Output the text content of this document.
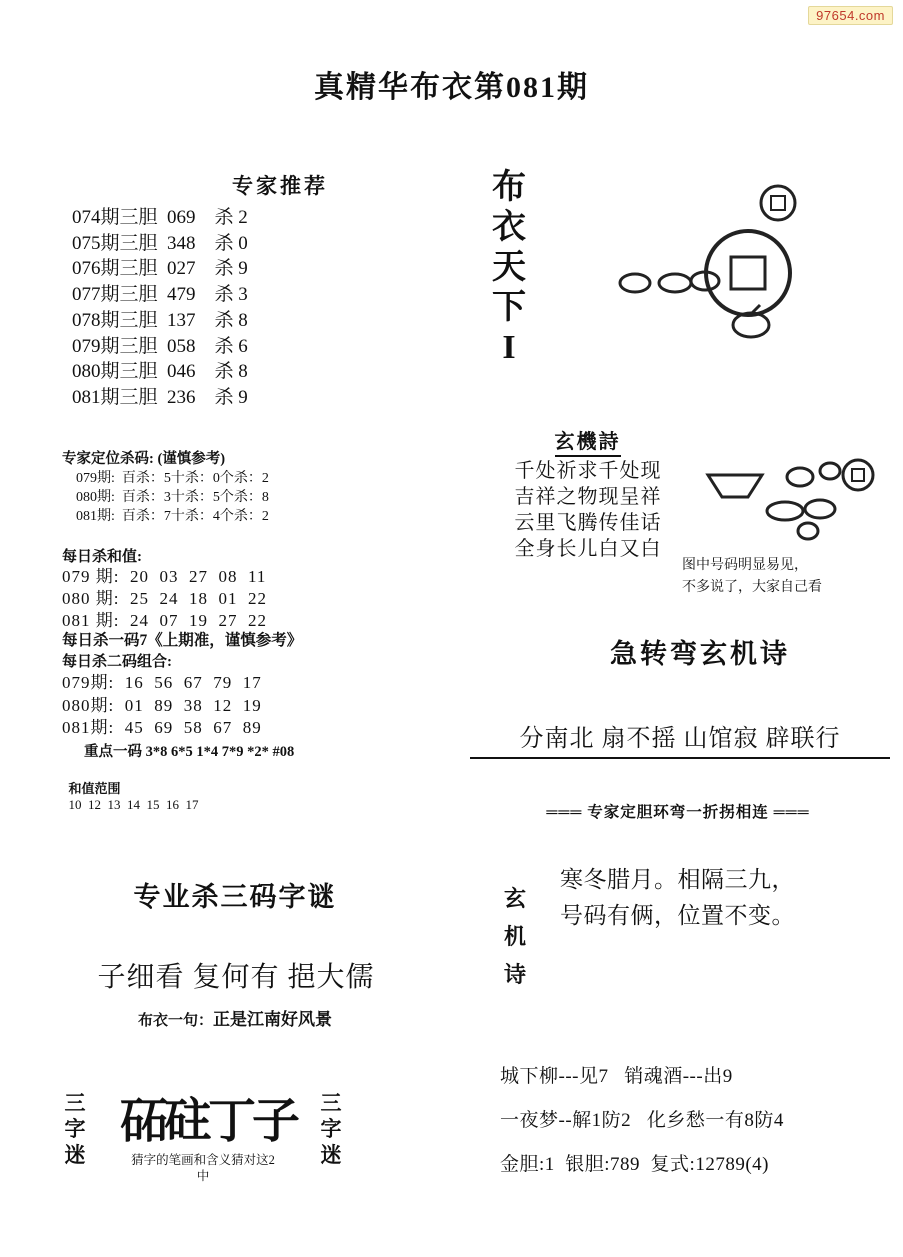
97654.com
真精华布衣第081期
专家推荐
074期三胆  069    杀 2
075期三胆  348    杀 0
076期三胆  027    杀 9
077期三胆  479    杀 3
078期三胆  137    杀 8
079期三胆  058    杀 6
080期三胆  046    杀 8
081期三胆  236    杀 9
专家定位杀码: (谨慎参考)
079期:  百杀：5十杀：0个杀：2
080期:  百杀：3十杀：5个杀：8
081期:  百杀：7十杀：4个杀：2
每日杀和值:
079 期:  20  03  27  08  11
080 期:  25  24  18  01  22
081 期:  24  07  19  27  22
每日杀一码7《上期准，谨慎参考》
每日杀二码组合:
079期:  16  56  67  79  17
080期:  01  89  38  12  19
081期:  45  69  58  67  89
重点一码 3*8 6*5 1*4 7*9 *2* #08

和值范围
10  12  13  14  15  16  17

专业杀三码字谜
子细看 复何有 挹大儒
布衣一句：正是江南好风景
三字迷
砳砫丁子 三字迷
猜字的笔画和含义猜对这2中
布衣天下I
玄機詩
千处祈求千处现
吉祥之物现呈祥
云里飞腾传佳话
全身长儿白又白
图中号码明显易见，
不多说了，大家自己看
急转弯玄机诗
分南北 扇不摇 山馆寂 辟联行
═══ 专家定胆环弯一折拐相连 ═══
玄机诗
寒冬腊月。相隔三九，
号码有俩，位置不变。
城下柳---见7   销魂酒---出9
一夜梦--解1防2   化乡愁一有8防4
金胆:1  银胆:789  复式:12789(4)
